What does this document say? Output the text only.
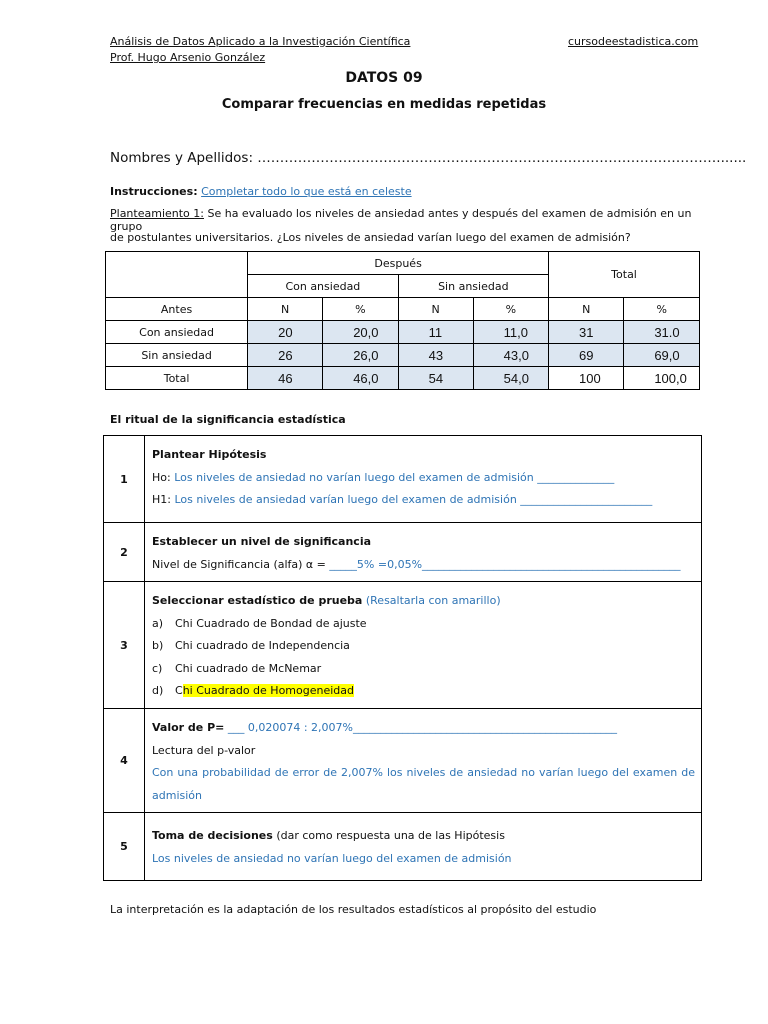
Análisis de Datos Aplicado a la Investigación Científica	cursodeestadistica.com
Prof. Hugo Arsenio González
DATOS 09
Comparar frecuencias en medidas repetidas
Nombres y Apellidos: ………………………………………………………………………………………….......
Instrucciones: Completar todo lo que está en celeste
Planteamiento 1: Se ha evaluado los niveles de ansiedad antes y después del examen de admisión en un grupo
de postulantes universitarios. ¿Los niveles de ansiedad varían luego del examen de admisión?
	Después				Total	
	Con ansiedad		Sin ansiedad			
Antes	N	%	N	%	N	%
Con ansiedad	20	20,0	11	11,0	31	31.0
Sin ansiedad	26	26,0	43	43,0	69	69,0
Total	46	46,0	54	54,0	100	100,0
El ritual de la significancia estadística
1	Plantear Hipótesis
Ho: Los niveles de ansiedad no varían luego del examen de admisión ______________
H1: Los niveles de ansiedad varían luego del examen de admisión ________________________

2	Establecer un nivel de significancia
Nivel de Significancia (alfa) α = _____5% =0,05%_______________________________________________

3	Seleccionar estadístico de prueba (Resaltarla con amarillo)
a) Chi Cuadrado de Bondad de ajuste
b) Chi cuadrado de Independencia
c) Chi cuadrado de McNemar
d) Chi Cuadrado de Homogeneidad

4	Valor de P= ___ 0,020074 : 2,007%________________________________________________
Lectura del p-valor
Con una probabilidad de error de 2,007% los niveles de ansiedad no varían luego del examen de admisión

5	Toma de decisiones (dar como respuesta una de las Hipótesis
Los niveles de ansiedad no varían luego del examen de admisión
La interpretación es la adaptación de los resultados estadísticos al propósito del estudio
